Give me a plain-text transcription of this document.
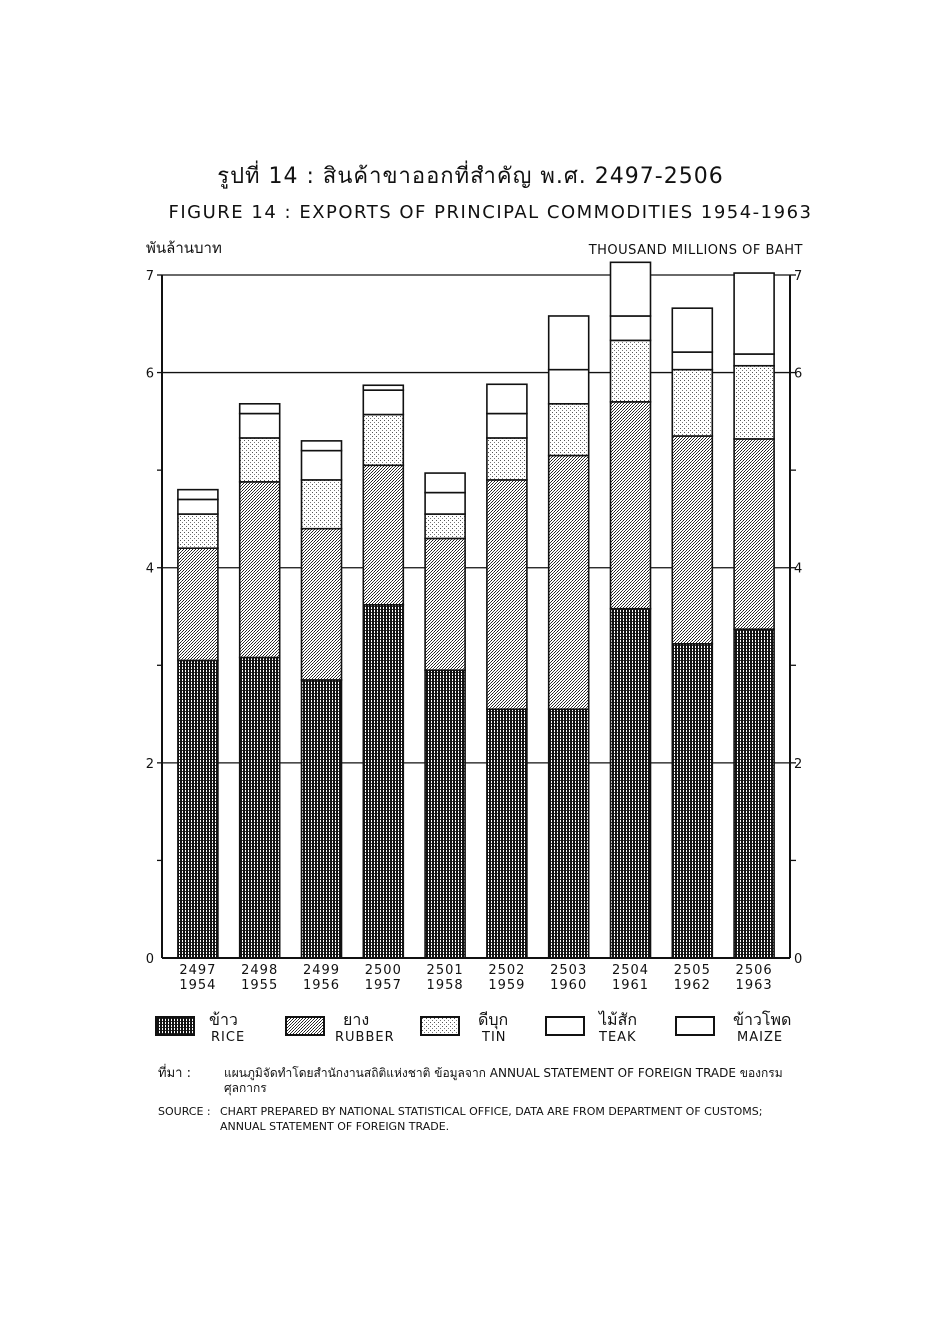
รูปที่ 14 : สินค้าขาออกที่สำคัญ พ.ศ. 2497-2506
FIGURE 14 : EXPORTS OF PRINCIPAL COMMODITIES 1954-1963
พันล้านบาท	THOUSAND MILLIONS OF BAHT
0	0
2	2
4	4
6	6
7	7
2497
1954
2498
1955
2499
1956
2500
1957
2501
1958
2502
1959
2503
1960
2504
1961
2505
1962
2506
1963
ข้าว
RICE
ยาง
RUBBER
ดีบุก
TIN
ไม้สัก
TEAK
ข้าวโพด
MAIZE
ที่มา :	แผนภูมิจัดทำโดยสำนักงานสถิติแห่งชาติ ข้อมูลจาก ANNUAL STATEMENT OF FOREIGN TRADE ของกรมศุลกากร
SOURCE : CHART PREPARED BY NATIONAL STATISTICAL OFFICE, DATA ARE FROM DEPARTMENT OF CUSTOMS; ANNUAL STATEMENT OF FOREIGN TRADE.
